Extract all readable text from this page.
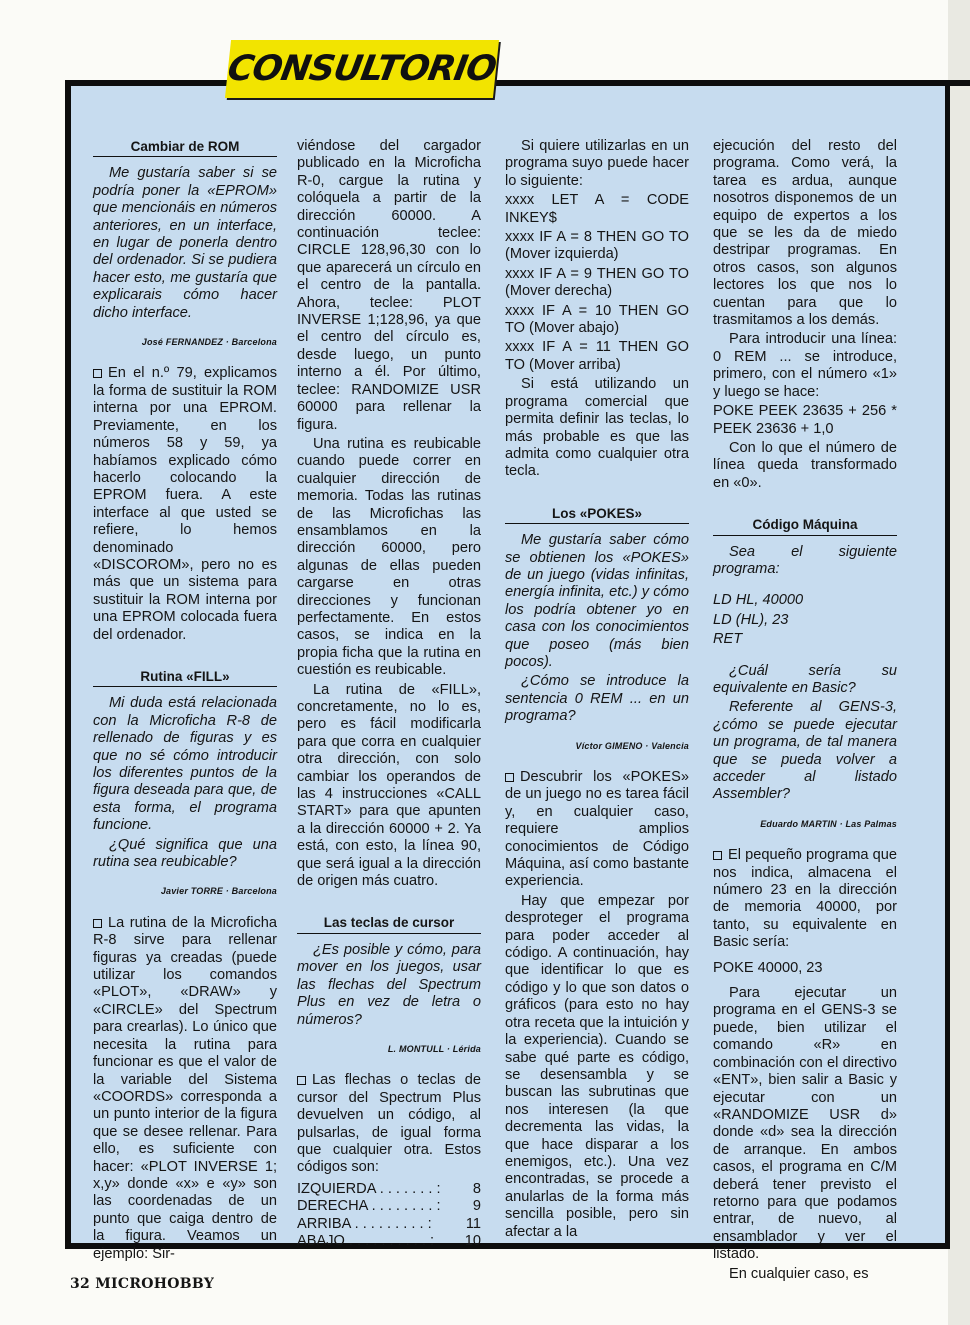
CONSULTORIO
Cambiar de ROM

Me gustaría saber si se podría poner la «EPROM» que mencionáis en números anteriores, en un interface, en lugar de ponerla dentro del ordenador. Si se pudiera hacer esto, me gustaría que explicarais cómo hacer dicho interface.

José FERNANDEZ · Barcelona

En el n.º 79, explicamos la forma de sustituir la ROM interna por una EPROM. Previamente, en los números 58 y 59, ya habíamos explicado cómo hacerlo colocando la EPROM fuera. A este interface al que usted se refiere, lo hemos denominado «DISCOROM», pero no es más que un sistema para sustituir la ROM interna por una EPROM colocada fuera del ordenador.

Rutina «FILL»

Mi duda está relacionada con la Microficha R-8 de rellenado de figuras y es que no sé cómo introducir los diferentes puntos de la figura deseada para que, de esta forma, el programa funcione.

¿Qué significa que una rutina sea reubicable?

Javier TORRE · Barcelona

La rutina de la Microficha R-8 sirve para rellenar figuras ya creadas (puede utilizar los comandos «PLOT», «DRAW» y «CIRCLE» del Spectrum para crearlas). Lo único que necesita la rutina para funcionar es que el valor de la variable del Sistema «COORDS» corresponda a un punto interior de la figura que se desee rellenar. Para ello, es suficiente con hacer: «PLOT INVERSE 1; x,y» donde «x» e «y» son las coordenadas de un punto que caiga dentro de la figura. Veamos un ejemplo: Sir-

viéndose del cargador publicado en la Microficha R-0, cargue la rutina y colóquela a partir de la dirección 60000. A continuación teclee: CIRCLE 128,96,30 con lo que aparecerá un círculo en el centro de la pantalla. Ahora, teclee: PLOT INVERSE 1;128,96, ya que el centro del círculo es, desde luego, un punto interno a él. Por último, teclee: RANDOMIZE USR 60000 para rellenar la figura.

Una rutina es reubicable cuando puede correr en cualquier dirección de memoria. Todas las rutinas de las Microfichas las ensamblamos en la dirección 60000, pero algunas de ellas pueden cargarse en otras direcciones y funcionan perfectamente. En estos casos, se indica en la propia ficha que la rutina en cuestión es reubicable.

La rutina de «FILL», concretamente, no lo es, pero es fácil modificarla para que corra en cualquier otra dirección, con solo cambiar los operandos de las 4 instrucciones «CALL START» para que apunten a la dirección 60000 + 2. Ya está, con esto, la línea 90, que será igual a la dirección de origen más cuatro.

Las teclas de cursor

¿Es posible y cómo, para mover en los juegos, usar las flechas del Spectrum Plus en vez de letra o números?

L. MONTULL · Lérida

Las flechas o teclas de cursor del Spectrum Plus devuelven un código, al pulsarlas, de igual forma que cualquier otra. Estos códigos son:

IZQUIERDA . . . . . . . : 8
DERECHA . . . . . . . . : 9
ARRIBA . . . . . . . . . : 11
ABAJO . . . . . . . . . . : 10

Si quiere utilizarlas en un programa suyo puede hacer lo siguiente:

xxxx LET A = CODE INKEY$

xxxx IF A = 8 THEN GO TO (Mover izquierda)

xxxx IF A = 9 THEN GO TO (Mover derecha)

xxxx IF A = 10 THEN GO TO (Mover abajo)

xxxx IF A = 11 THEN GO TO (Mover arriba)

Si está utilizando un programa comercial que permita definir las teclas, lo más probable es que las admita como cualquier otra tecla.

Los «POKES»

Me gustaría saber cómo se obtienen los «POKES» de un juego (vidas infinitas, energía infinita, etc.) y cómo los podría obtener yo en casa con los conocimientos que poseo (más bien pocos).

¿Cómo se introduce la sentencia 0 REM ... en un programa?

Víctor GIMENO · Valencia

Descubrir los «POKES» de un juego no es tarea fácil y, en cualquier caso, requiere amplios conocimientos de Código Máquina, así como bastante experiencia.

Hay que empezar por desproteger el programa para poder acceder al código. A continuación, hay que identificar lo que es código y lo que son datos o gráficos (para esto no hay otra receta que la intuición y la experiencia). Cuando se sabe qué parte es código, se desensambla y se buscan las subrutinas que nos interesen (la que decrementa las vidas, la que hace disparar a los enemigos, etc.). Una vez encontradas, se procede a anularlas de la forma más sencilla posible, pero sin afectar a la

ejecución del resto del programa. Como verá, la tarea es ardua, aunque nosotros disponemos de un equipo de expertos a los que se les da de miedo destripar programas. En otros casos, son algunos lectores los que nos lo cuentan para que lo trasmitamos a los demás.

Para introducir una línea: 0 REM ... se introduce, primero, con el número «1» y luego se hace:

POKE PEEK 23635 + 256 * PEEK 23636 + 1,0

Con lo que el número de línea queda transformado en «0».

Código Máquina

Sea el siguiente programa:

LD HL, 40000

LD (HL), 23

RET

¿Cuál sería su equivalente en Basic?

Referente al GENS-3, ¿cómo se puede ejecutar un programa, de tal manera que se pueda volver a acceder al listado Assembler?

Eduardo MARTIN · Las Palmas

El pequeño programa que nos indica, almacena el número 23 en la dirección de memoria 40000, por tanto, su equivalente en Basic sería:

POKE 40000, 23

Para ejecutar un programa en el GENS-3 se puede, bien utilizar el comando «R» en combinación con el directivo «ENT», bien salir a Basic y ejecutar con un «RANDOMIZE USR d» donde «d» sea la dirección de arranque. En ambos casos, el programa en C/M deberá tener previsto el retorno para que podamos entrar, de nuevo, al ensamblador y ver el listado.

En cualquier caso, es

32 MICROHOBBY
